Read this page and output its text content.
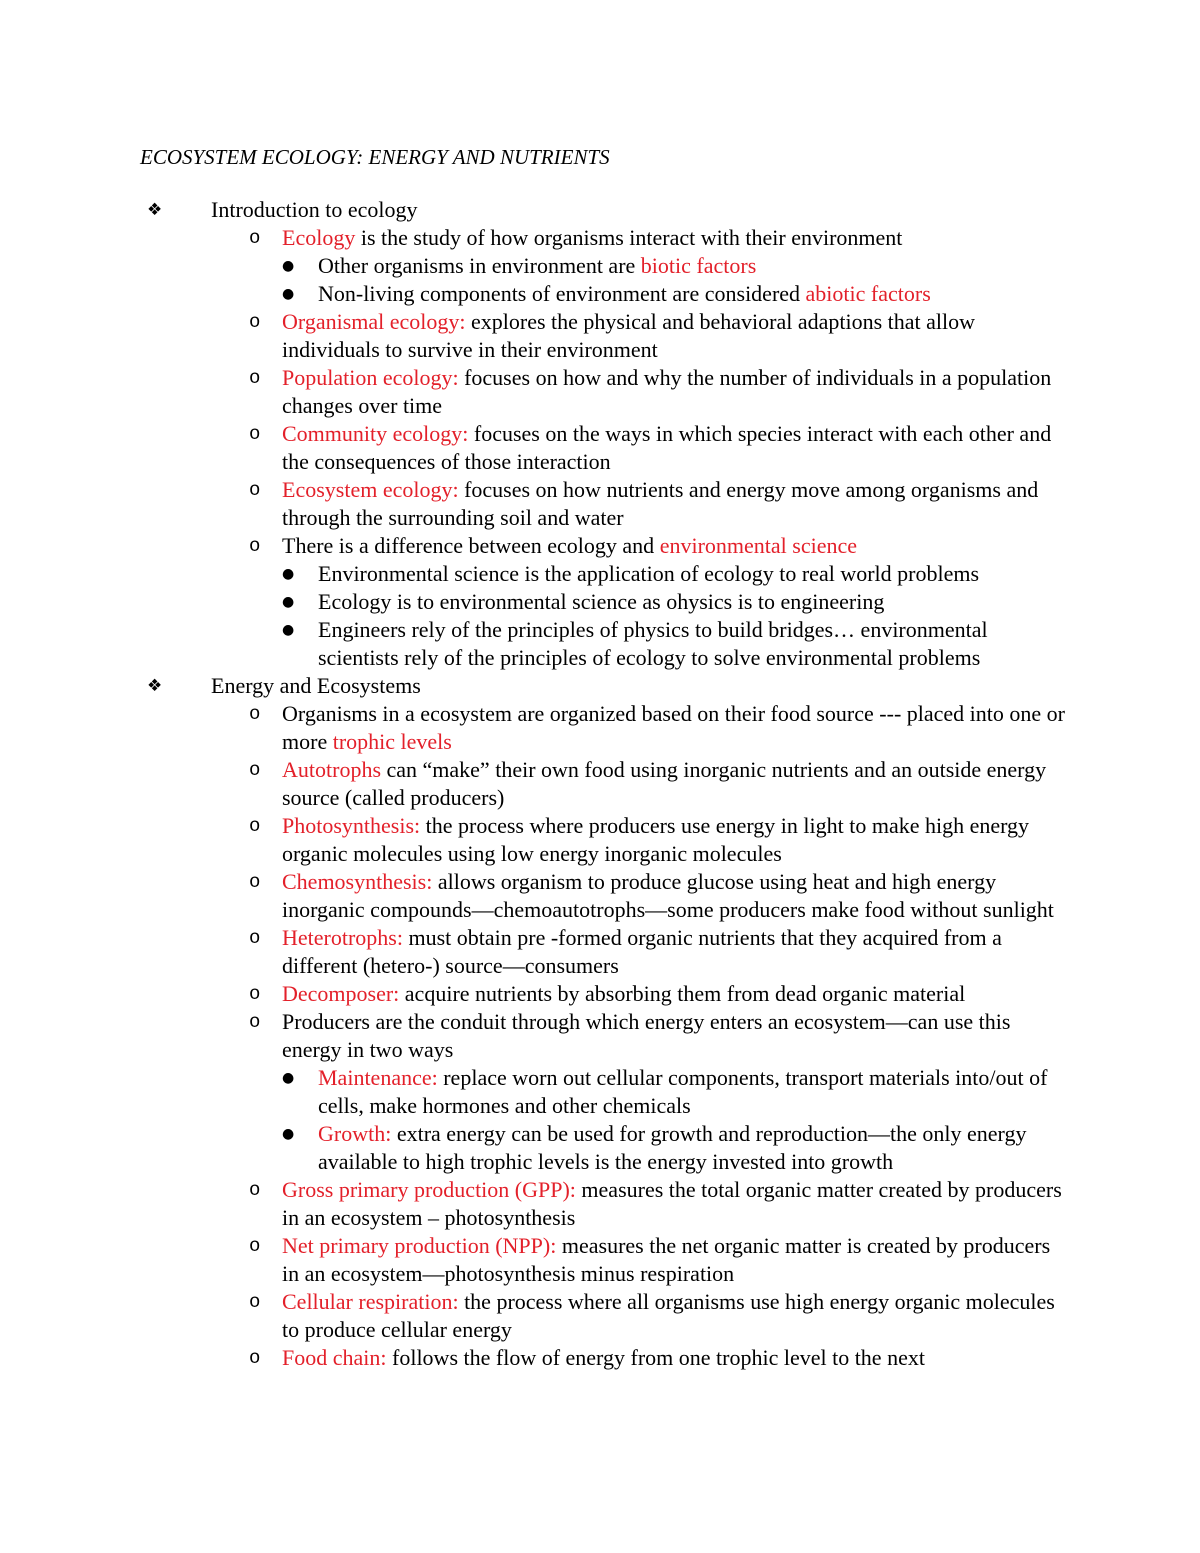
ECOSYSTEM ECOLOGY: ENERGY AND NUTRIENTS
❖ Introduction to ecology
o Ecology is the study of how organisms interact with their environment
● Other organisms in environment are biotic factors
● Non-living components of environment are considered abiotic factors
o Organismal ecology: explores the physical and behavioral adaptions that allow individuals to survive in their environment
o Population ecology: focuses on how and why the number of individuals in a population changes over time
o Community ecology: focuses on the ways in which species interact with each other and the consequences of those interaction
o Ecosystem ecology: focuses on how nutrients and energy move among organisms and through the surrounding soil and water
o There is a difference between ecology and environmental science
● Environmental science is the application of ecology to real world problems
● Ecology is to environmental science as ohysics is to engineering
● Engineers rely of the principles of physics to build bridges… environmental scientists rely of the principles of ecology to solve environmental problems
❖ Energy and Ecosystems
o Organisms in a ecosystem are organized based on their food source --- placed into one or more trophic levels
o Autotrophs can “make” their own food using inorganic nutrients and an outside energy source (called producers)
o Photosynthesis: the process where producers use energy in light to make high energy organic molecules using low energy inorganic molecules
o Chemosynthesis: allows organism to produce glucose using heat and high energy inorganic compounds—chemoautotrophs—some producers make food without sunlight
o Heterotrophs: must obtain pre -formed organic nutrients that they acquired from a different (hetero-) source—consumers
o Decomposer: acquire nutrients by absorbing them from dead organic material
o Producers are the conduit through which energy enters an ecosystem—can use this energy in two ways
● Maintenance: replace worn out cellular components, transport materials into/out of cells, make hormones and other chemicals
● Growth: extra energy can be used for growth and reproduction—the only energy available to high trophic levels is the energy invested into growth
o Gross primary production (GPP): measures the total organic matter created by producers in an ecosystem – photosynthesis
o Net primary production (NPP): measures the net organic matter is created by producers in an ecosystem—photosynthesis minus respiration
o Cellular respiration: the process where all organisms use high energy organic molecules to produce cellular energy
o Food chain: follows the flow of energy from one trophic level to the next
